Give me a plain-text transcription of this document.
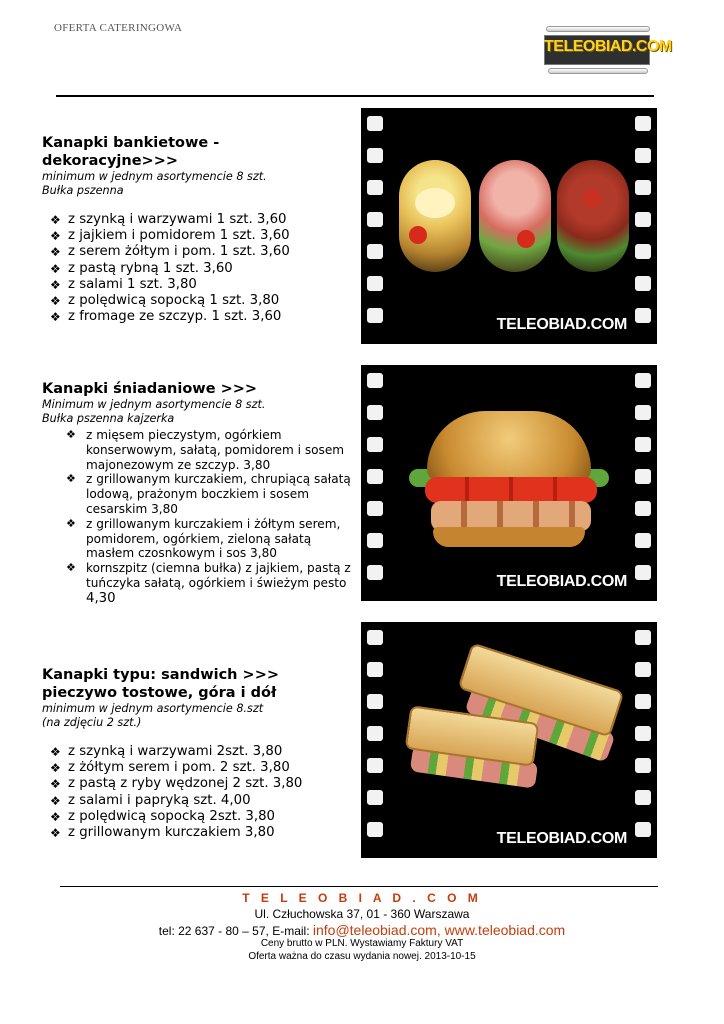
OFERTA CATERINGOWA
TELEOBIAD.COM
Kanapki bankietowe -
dekoracyjne>>>
minimum w jednym asortymencie 8 szt.
Bułka pszenna
❖ z szynką i warzywami 1 szt. 3,60
❖ z jajkiem i pomidorem 1 szt. 3,60
❖ z serem żółtym i pom. 1 szt. 3,60
❖ z pastą rybną 1 szt. 3,60
❖ z salami 1 szt. 3,80
❖ z polędwicą sopocką 1 szt. 3,80
❖ z fromage ze szczyp. 1 szt. 3,60	TELEOBIAD.COM
Kanapki śniadaniowe >>>
Minimum w jednym asortymencie 8 szt.
Bułka pszenna kajzerka
❖ z mięsem pieczystym, ogórkiem konserwowym, sałatą, pomidorem i sosem majonezowym ze szczyp. 3,80
❖ z grillowanym kurczakiem, chrupiącą sałatą lodową, prażonym boczkiem i sosem cesarskim 3,80
❖ z grillowanym kurczakiem i żółtym serem, pomidorem, ogórkiem, zieloną sałatą masłem czosnkowym i sos 3,80
❖ kornszpitz (ciemna bułka) z jajkiem, pastą z tuńczyka sałatą, ogórkiem i świeżym pesto 4,30
TELEOBIAD.COM
Kanapki typu: sandwich >>>
pieczywo tostowe, góra i dół
minimum w jednym asortymencie 8.szt
(na zdjęciu 2 szt.)
❖ z szynką i warzywami 2szt. 3,80
❖ z żółtym serem i pom. 2 szt. 3,80
❖ z pastą z ryby wędzonej 2 szt. 3,80
❖ z salami i papryką szt. 4,00
❖ z polędwicą sopocką 2szt. 3,80
❖ z grillowanym kurczakiem 3,80	TELEOBIAD.COM
T E L E O B I A D . C O M
Ul. Człuchowska 37, 01 - 360 Warszawa
tel: 22 637 - 80 – 57, E-mail: info@teleobiad.com, www.teleobiad.com
Ceny brutto w PLN. Wystawiamy Faktury VAT
Oferta ważna do czasu wydania nowej. 2013-10-15
